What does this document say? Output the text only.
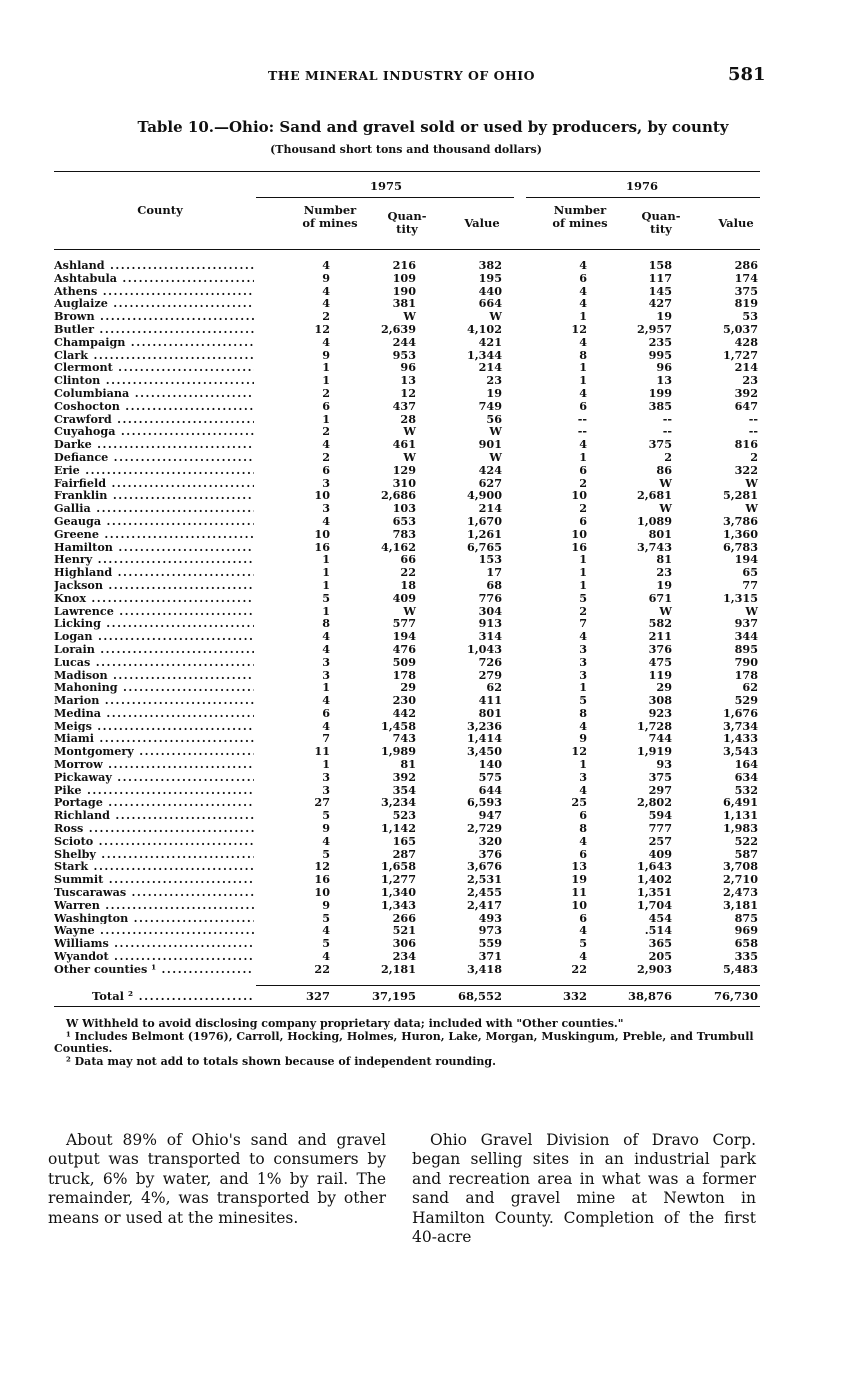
THE MINERAL INDUSTRY OF OHIO	581
Table 10.—Ohio: Sand and gravel sold or used by producers, by county
(Thousand short tons and thousand dollars)
County
1975	1976
Number of mines	Quan- tity	Value
Number of mines	Quan- tity	Value
Ashland .....	4	216	382	4	158	286
Ashtabula .....	9	109	195	6	117	174
Athens .....	4	190	440	4	145	375
Auglaize .....	4	381	664	4	427	819
Brown .....	2	W	W	1	19	53
Butler .....	12	2,639	4,102	12	2,957	5,037
Champaign .....	4	244	421	4	235	428
Clark .....	9	953	1,344	8	995	1,727
Clermont .....	1	96	214	1	96	214
Clinton .....	1	13	23	1	13	23
Columbiana .....	2	12	19	4	199	392
Coshocton .....	6	437	749	6	385	647
Crawford .....	1	28	56	--	--	--
Cuyahoga .....	2	W	W	--	--	--
Darke .....	4	461	901	4	375	816
Defiance .....	2	W	W	1	2	2
Erie .....	6	129	424	6	86	322
Fairfield .....	3	310	627	2	W	W
Franklin .....	10	2,686	4,900	10	2,681	5,281
Gallia .....	3	103	214	2	W	W
Geauga .....	4	653	1,670	6	1,089	3,786
Greene .....	10	783	1,261	10	801	1,360
Hamilton .....	16	4,162	6,765	16	3,743	6,783
Henry .....	1	66	153	1	81	194
Highland .....	1	22	17	1	23	65
Jackson .....	1	18	68	1	19	77
Knox .....	5	409	776	5	671	1,315
Lawrence .....	1	W	304	2	W	W
Licking .....	8	577	913	7	582	937
Logan .....	4	194	314	4	211	344
Lorain .....	4	476	1,043	3	376	895
Lucas .....	3	509	726	3	475	790
Madison .....	3	178	279	3	119	178
Mahoning .....	1	29	62	1	29	62
Marion .....	4	230	411	5	308	529
Medina .....	6	442	801	8	923	1,676
Meigs .....	4	1,458	3,236	4	1,728	3,734
Miami .....	7	743	1,414	9	744	1,433
Montgomery .....	11	1,989	3,450	12	1,919	3,543
Morrow .....	1	81	140	1	93	164
Pickaway .....	3	392	575	3	375	634
Pike .....	3	354	644	4	297	532
Portage .....	27	3,234	6,593	25	2,802	6,491
Richland .....	5	523	947	6	594	1,131
Ross .....	9	1,142	2,729	8	777	1,983
Scioto .....	4	165	320	4	257	522
Shelby .....	5	287	376	6	409	587
Stark .....	12	1,658	3,676	13	1,643	3,708
Summit .....	16	1,277	2,531	19	1,402	2,710
Tuscarawas .....	10	1,340	2,455	11	1,351	2,473
Warren .....	9	1,343	2,417	10	1,704	3,181
Washington .....	5	266	493	6	454	875
Wayne .....	4	521	973	4	.514	969
Williams .....	5	306	559	5	365	658
Wyandot .....	4	234	371	4	205	335
Other counties ¹ .....	22	2,181	3,418	22	2,903	5,483
Total ² .....	327	37,195	68,552	332	38,876	76,730

W Withheld to avoid disclosing company proprietary data; included with "Other counties."

¹ Includes Belmont (1976), Carroll, Hocking, Holmes, Huron, Lake, Morgan, Muskingum, Preble, and Trumbull Counties.

² Data may not add to totals shown because of independent rounding.

About 89% of Ohio's sand and gravel output was transported to consumers by truck, 6% by water, and 1% by rail. The remainder, 4%, was transported by other means or used at the minesites.

Ohio Gravel Division of Dravo Corp. began selling sites in an industrial park and recreation area in what was a former sand and gravel mine at Newton in Hamilton County. Completion of the first 40-acre
